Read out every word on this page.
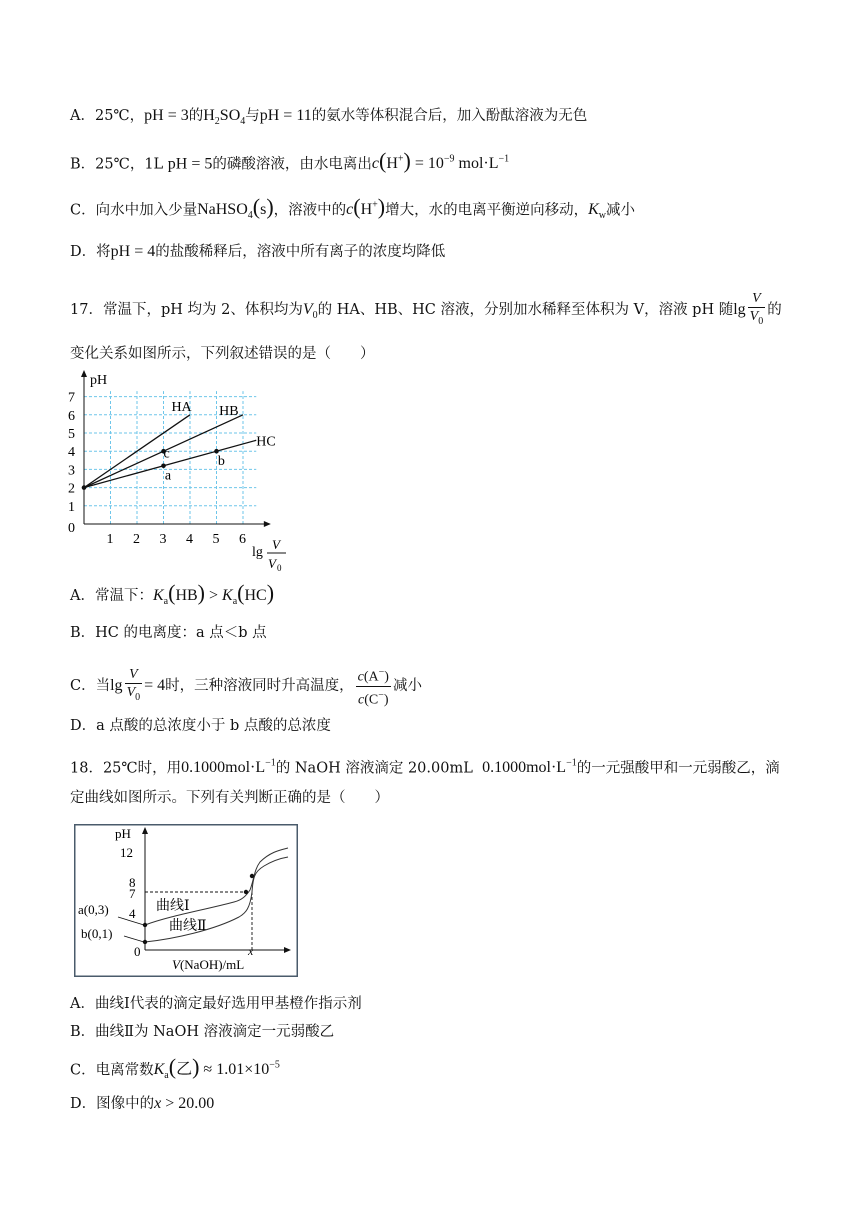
A．25℃，pH = 3的$H_2SO_4$与pH = 11的氨水等体积混合后，加入酚酞溶液为无色
B．25℃，1L pH = 5的磷酸溶液，由水电离出$c(H^+) = 10^{-9}$ $mol\cdot L^{-1}$
C．向水中加入少量NaHSO$_4$(s)，溶液中的c(H+)增大，水的电离平衡逆向移动，$K_w$减小
D．将pH = 4的盐酸稀释后，溶液中所有离子的浓度均降低
17．常温下，pH 均为 2、体积均为$V_0$的 HA、HB、HC 溶液，分别加水稀释至体积为 V，溶液 pH 随$\lg \frac{V}{V_0}$ 的
变化关系如图所示，下列叙述错误的是（　　）
1
2
3
4
5
6
7
0
1 2 3 4 5 6
HA HB
HC
c
a
b
pH
lg
V
V 0
A．常温下：$K_a(HB) > K_a(HC)$
B．HC 的电离度：a 点＜b 点
C．当$\lg \frac{V}{V_0} = 4$时，三种溶液同时升高温度， $\frac{c(A^-)}{c(C^-)}$ 减小
D．a 点酸的总浓度小于 b 点酸的总浓度
18．25℃时，用$0.1000mol\cdot L^{-1}$的 NaOH 溶液滴定 20.00mL $0.1000mol\cdot L^{-1}$的一元强酸甲和一元弱酸乙，滴
定曲线如图所示。下列有关判断正确的是（　　）
pH
12
8
7
4
0	x
a(0,3)
b(0,1)
曲线Ⅰ
曲线Ⅱ
V(NaOH)/mL
A．曲线Ⅰ代表的滴定最好选用甲基橙作指示剂
B．曲线Ⅱ为 NaOH 溶液滴定一元弱酸乙
C．电离常数$K_a$(乙) ≈ $1.01\times 10^{-5}$
D．图像中的x > 20.00
